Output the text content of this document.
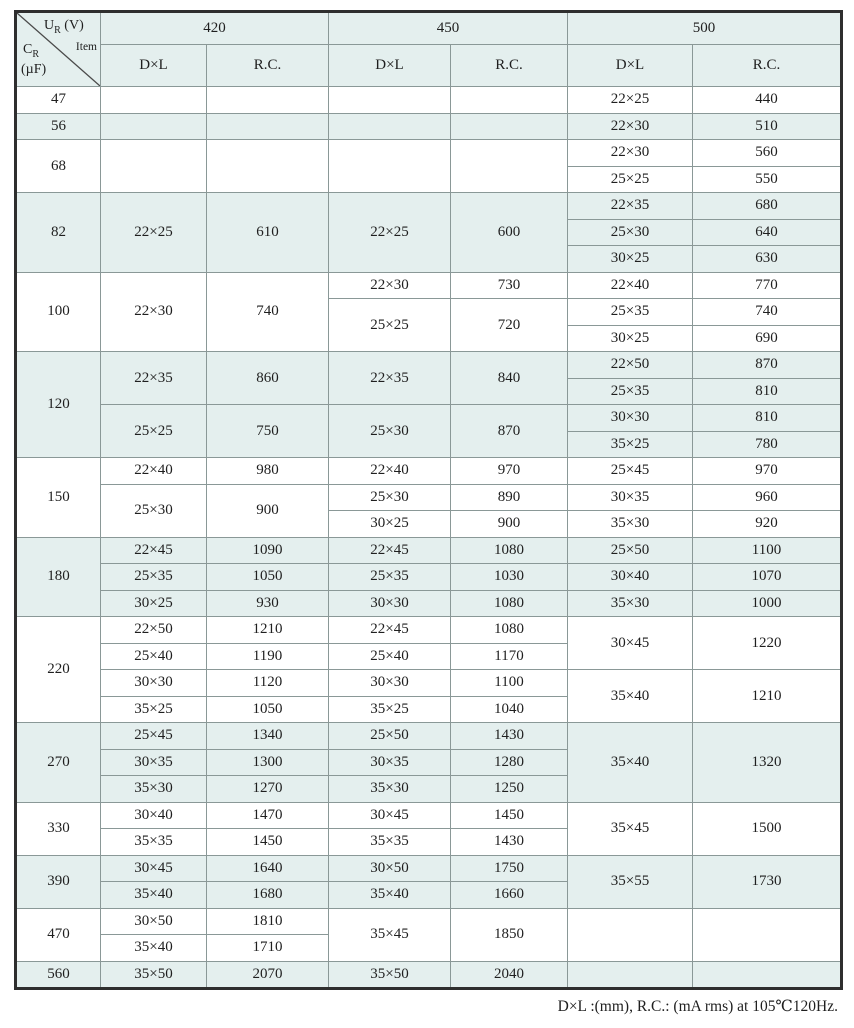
$U_R$ (V)
Item
$C_R$
(µF)	420		450		500	
	D×L	R.C.	D×L	R.C.	D×L	R.C.
47					22×25	440
56					22×30	510
68					22×30	560
					25×25	550
82	22×25	610	22×25	600	22×35	680
					25×30	640
					30×25	630
100	22×30	740	22×30	730	22×40	770
			25×25	720	25×35	740
					30×25	690
120	22×35	860	22×35	840	22×50	870
					25×35	810
	25×25	750	25×30	870	30×30	810
					35×25	780
150	22×40	980	22×40	970	25×45	970
	25×30	900	25×30	890	30×35	960
			30×25	900	35×30	920
180	22×45	1090	22×45	1080	25×50	1100
	25×35	1050	25×35	1030	30×40	1070
	30×25	930	30×30	1080	35×30	1000
220	22×50	1210	22×45	1080	30×45	1220
	25×40	1190	25×40	1170		
	30×30	1120	30×30	1100	35×40	1210
	35×25	1050	35×25	1040		
270	25×45	1340	25×50	1430	35×40	1320
	30×35	1300	30×35	1280		
	35×30	1270	35×30	1250		
330	30×40	1470	30×45	1450	35×45	1500
	35×35	1450	35×35	1430		
390	30×45	1640	30×50	1750	35×55	1730
	35×40	1680	35×40	1660		
470	30×50	1810	35×45	1850		
	35×40	1710				
560	35×50	2070	35×50	2040		
D×L :(mm), R.C.: (mA rms) at 105℃120Hz.
